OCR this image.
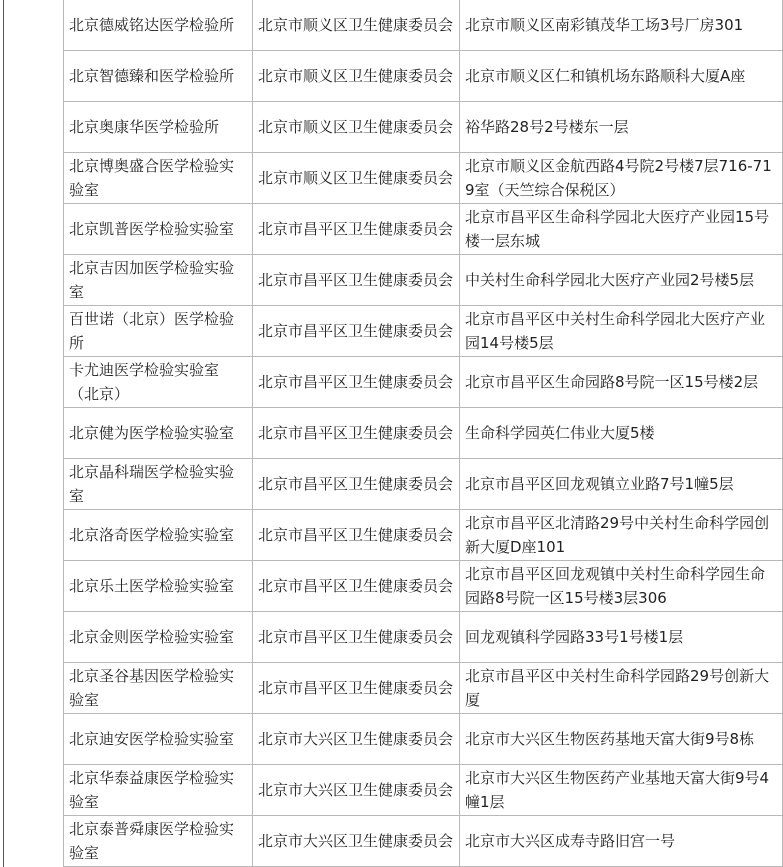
北京德威铭达医学检验所	北京市顺义区卫生健康委员会	北京市顺义区南彩镇茂华工场3号厂房301
北京智德臻和医学检验所	北京市顺义区卫生健康委员会	北京市顺义区仁和镇机场东路顺科大厦A座
北京奥康华医学检验所	北京市顺义区卫生健康委员会	裕华路28号2号楼东一层
北京博奥盛合医学检验实验室	北京市顺义区卫生健康委员会	北京市顺义区金航西路4号院2号楼7层716-719室（天竺综合保税区）
北京凯普医学检验实验室	北京市昌平区卫生健康委员会	北京市昌平区生命科学园北大医疗产业园15号楼一层东城
北京吉因加医学检验实验室	北京市昌平区卫生健康委员会	中关村生命科学园北大医疗产业园2号楼5层
百世诺（北京）医学检验所	北京市昌平区卫生健康委员会	北京市昌平区中关村生命科学园北大医疗产业园14号楼5层
卡尤迪医学检验实验室（北京）	北京市昌平区卫生健康委员会	北京市昌平区生命园路8号院一区15号楼2层
北京健为医学检验实验室	北京市昌平区卫生健康委员会	生命科学园英仁伟业大厦5楼
北京晶科瑞医学检验实验室	北京市昌平区卫生健康委员会	北京市昌平区回龙观镇立业路7号1幢5层
北京洛奇医学检验实验室	北京市昌平区卫生健康委员会	北京市昌平区北清路29号中关村生命科学园创新大厦D座101
北京乐土医学检验实验室	北京市昌平区卫生健康委员会	北京市昌平区回龙观镇中关村生命科学园生命园路8号院一区15号楼3层306
北京金则医学检验实验室	北京市昌平区卫生健康委员会	回龙观镇科学园路33号1号楼1层
北京圣谷基因医学检验实验室	北京市昌平区卫生健康委员会	北京市昌平区中关村生命科学园路29号创新大厦
北京迪安医学检验实验室	北京市大兴区卫生健康委员会	北京市大兴区生物医药基地天富大街9号8栋
北京华泰益康医学检验实验室	北京市大兴区卫生健康委员会	北京市大兴区生物医药产业基地天富大街9号4幢1层
北京泰普舜康医学检验实验室	北京市大兴区卫生健康委员会	北京市大兴区成寿寺路旧宫一号
